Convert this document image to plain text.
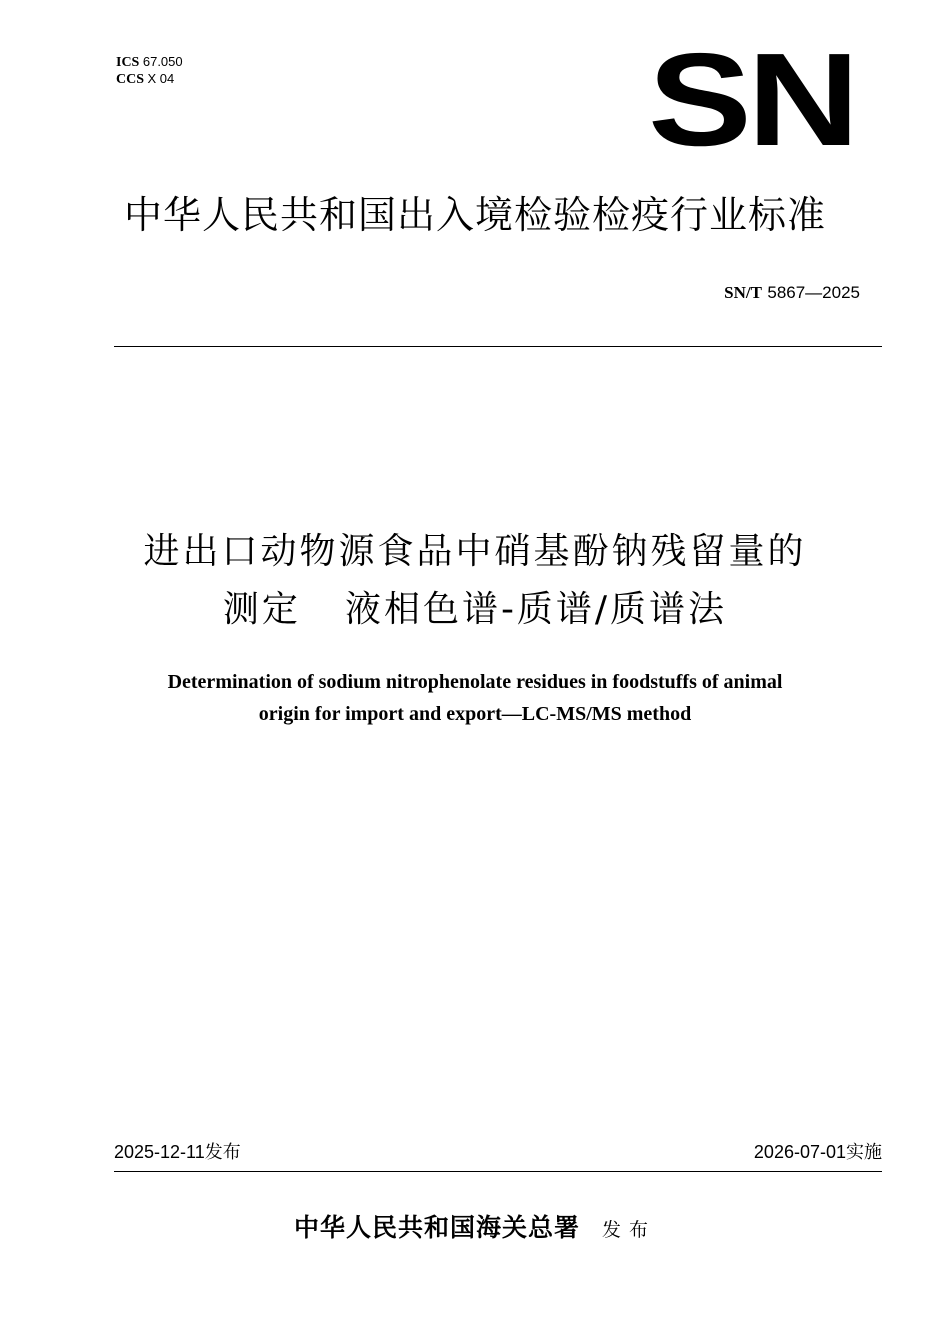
ICS 67.050
CCS X 04	SN
中华人民共和国出入境检验检疫行业标准
SN/T 5867—2025
进出口动物源食品中硝基酚钠残留量的
测定 液相色谱-质谱/质谱法
Determination of sodium nitrophenolate residues in foodstuffs of animal
origin for import and export—LC-MS/MS method
2025-12-11发布	2026-07-01实施
中华人民共和国海关总署 发布
